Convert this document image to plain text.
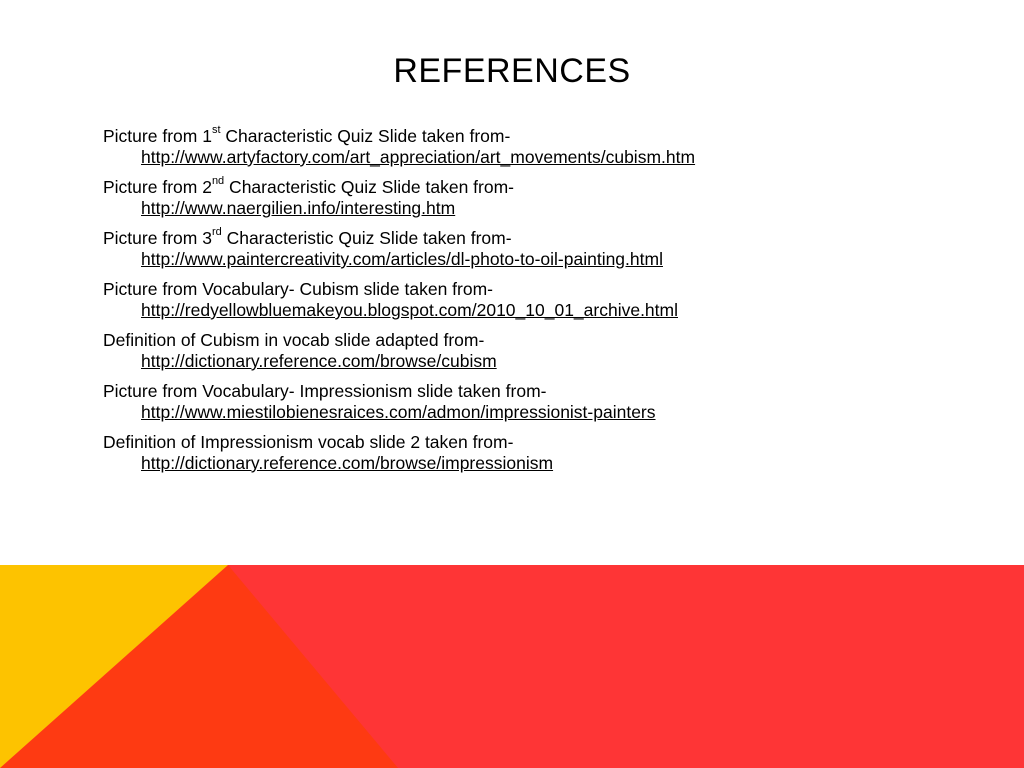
REFERENCES
Picture from 1st Characteristic Quiz Slide taken from-
http://www.artyfactory.com/art_appreciation/art_movements/cubism.htm
Picture from 2nd Characteristic Quiz Slide taken from-
http://www.naergilien.info/interesting.htm
Picture from 3rd Characteristic Quiz Slide taken from-
http://www.paintercreativity.com/articles/dl-photo-to-oil-painting.html
Picture from Vocabulary- Cubism slide taken from-
http://redyellowbluemakeyou.blogspot.com/2010_10_01_archive.html
Definition of Cubism in vocab slide adapted from-
http://dictionary.reference.com/browse/cubism
Picture from Vocabulary- Impressionism slide taken from-
http://www.miestilobienesraices.com/admon/impressionist-painters
Definition of Impressionism vocab slide 2 taken from-
http://dictionary.reference.com/browse/impressionism
